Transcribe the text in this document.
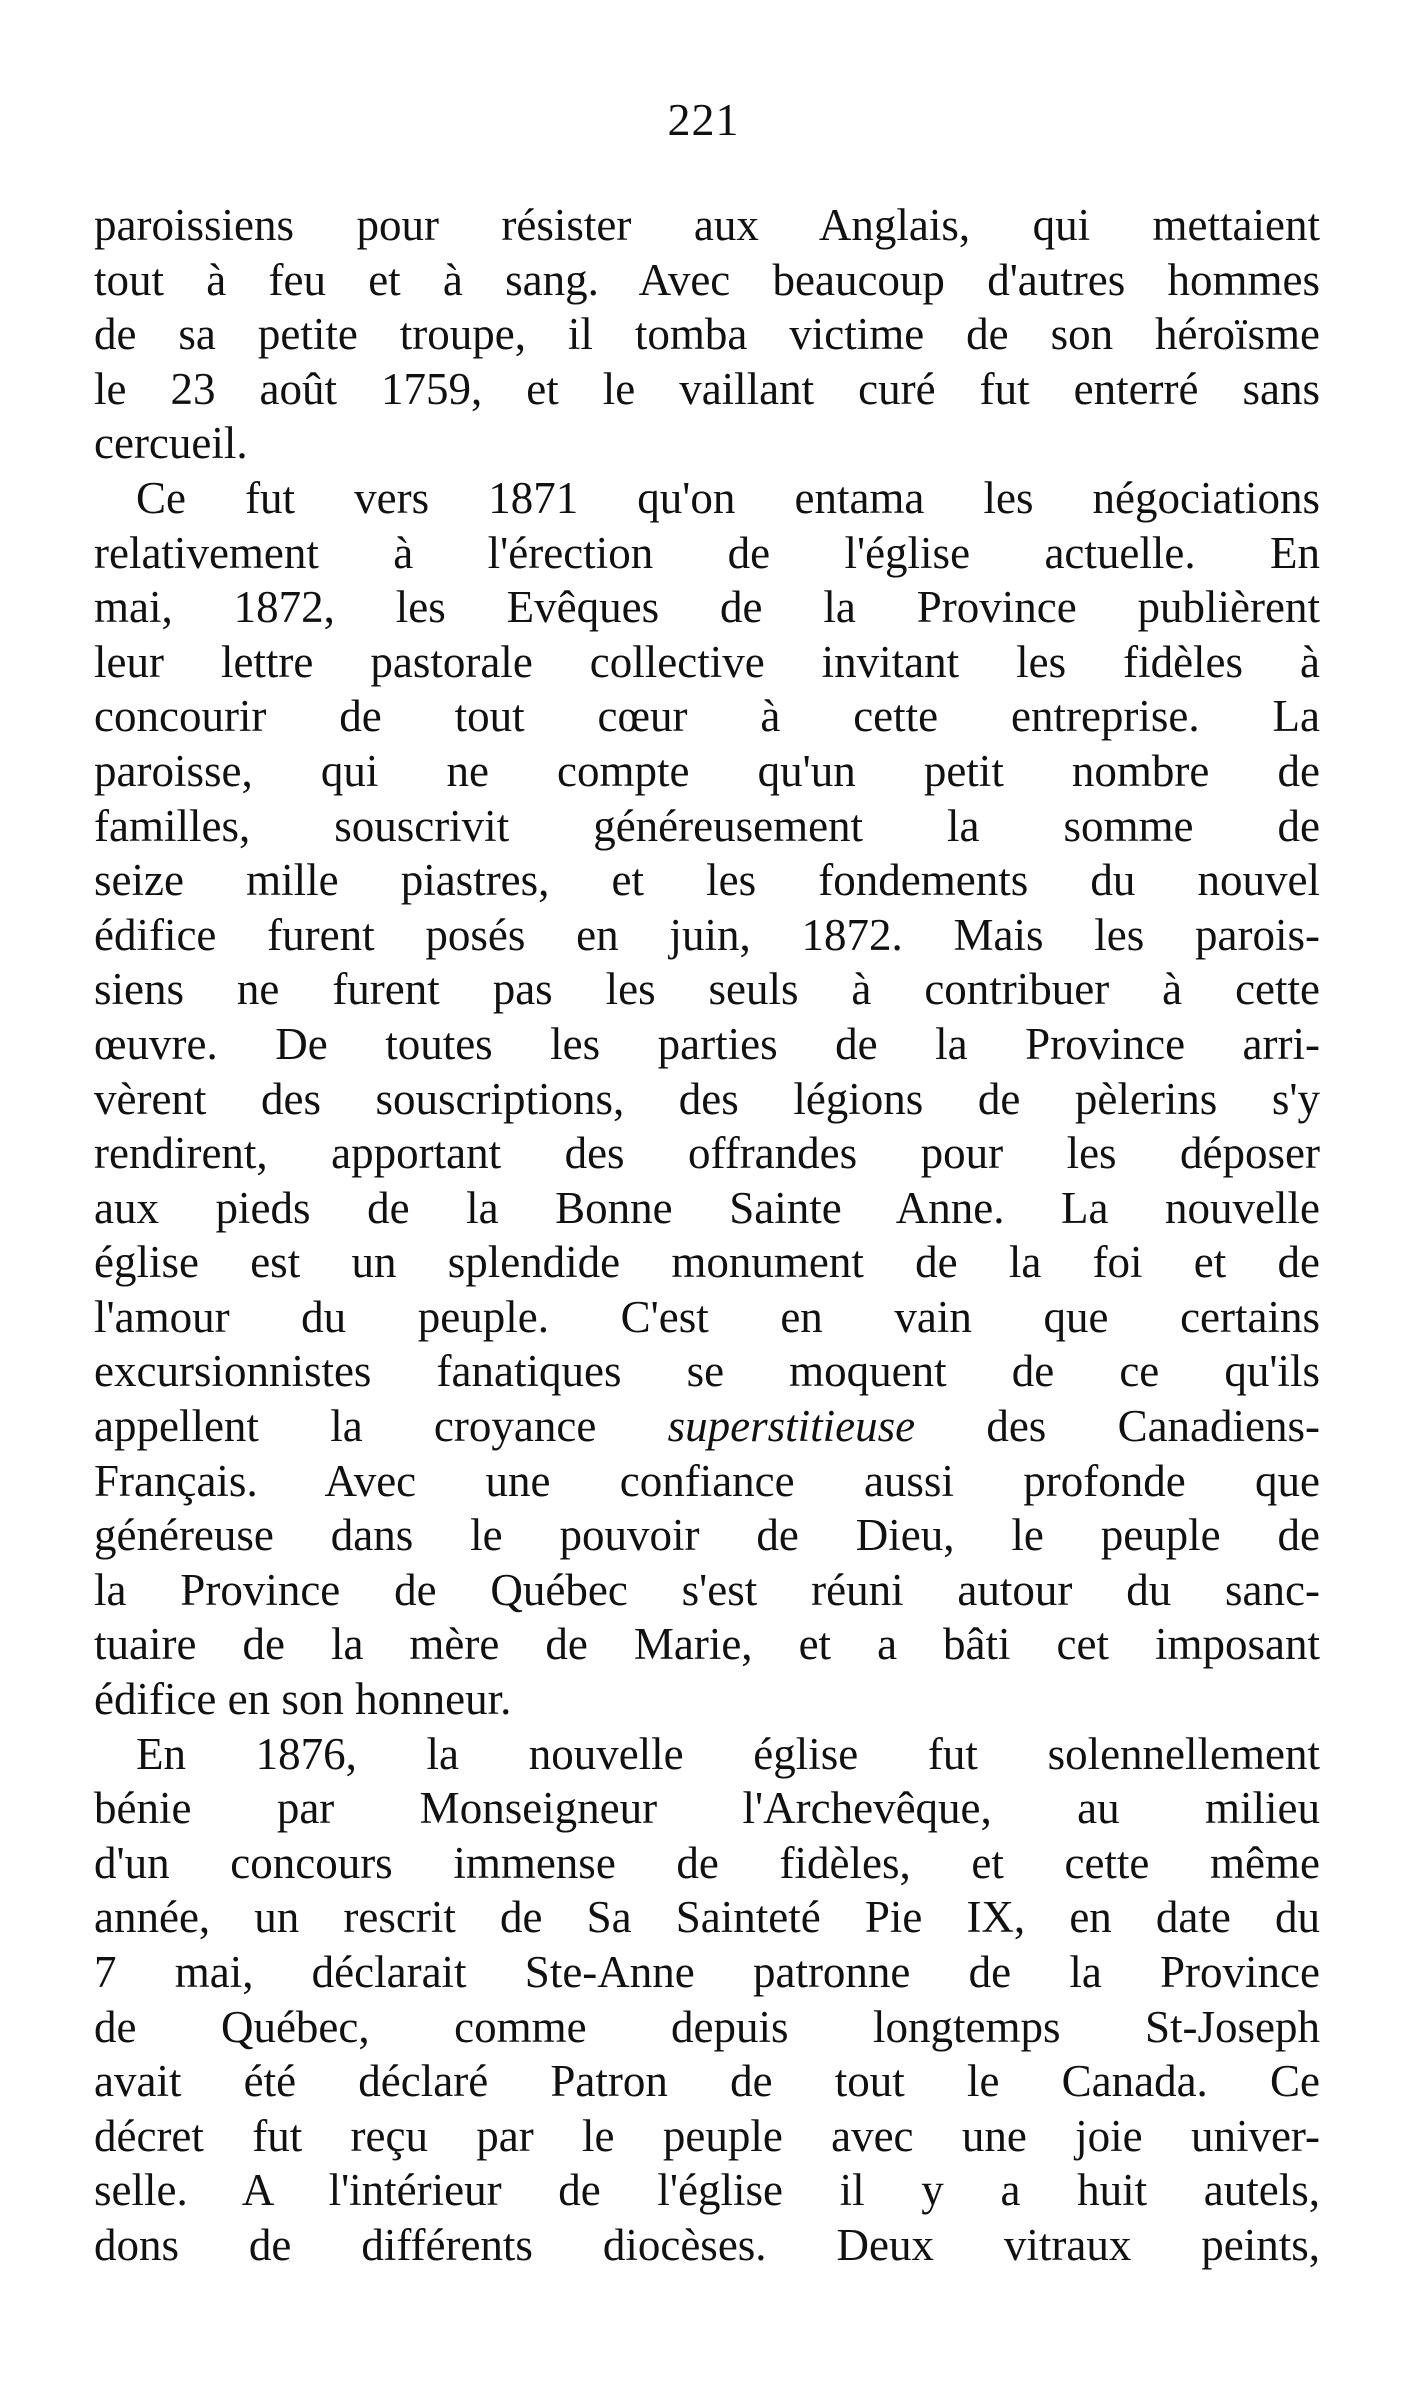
221
paroissiens pour résister aux Anglais, qui mettaient
tout à feu et à sang. Avec beaucoup d'autres hommes
de sa petite troupe, il tomba victime de son héroïsme
le 23 août 1759, et le vaillant curé fut enterré sans
cercueil.
Ce fut vers 1871 qu'on entama les négociations
relativement à l'érection de l'église actuelle. En
mai, 1872, les Evêques de la Province publièrent
leur lettre pastorale collective invitant les fidèles à
concourir de tout cœur à cette entreprise. La
paroisse, qui ne compte qu'un petit nombre de
familles, souscrivit généreusement la somme de
seize mille piastres, et les fondements du nouvel
édifice furent posés en juin, 1872. Mais les parois-
siens ne furent pas les seuls à contribuer à cette
œuvre. De toutes les parties de la Province arri-
vèrent des souscriptions, des légions de pèlerins s'y
rendirent, apportant des offrandes pour les déposer
aux pieds de la Bonne Sainte Anne. La nouvelle
église est un splendide monument de la foi et de
l'amour du peuple. C'est en vain que certains
excursionnistes fanatiques se moquent de ce qu'ils
appellent la croyance superstitieuse des Canadiens-
Français. Avec une confiance aussi profonde que
généreuse dans le pouvoir de Dieu, le peuple de
la Province de Québec s'est réuni autour du sanc-
tuaire de la mère de Marie, et a bâti cet imposant
édifice en son honneur.
En 1876, la nouvelle église fut solennellement
bénie par Monseigneur l'Archevêque, au milieu
d'un concours immense de fidèles, et cette même
année, un rescrit de Sa Sainteté Pie IX, en date du
7 mai, déclarait Ste-Anne patronne de la Province
de Québec, comme depuis longtemps St-Joseph
avait été déclaré Patron de tout le Canada. Ce
décret fut reçu par le peuple avec une joie univer-
selle. A l'intérieur de l'église il y a huit autels,
dons de différents diocèses. Deux vitraux peints,
